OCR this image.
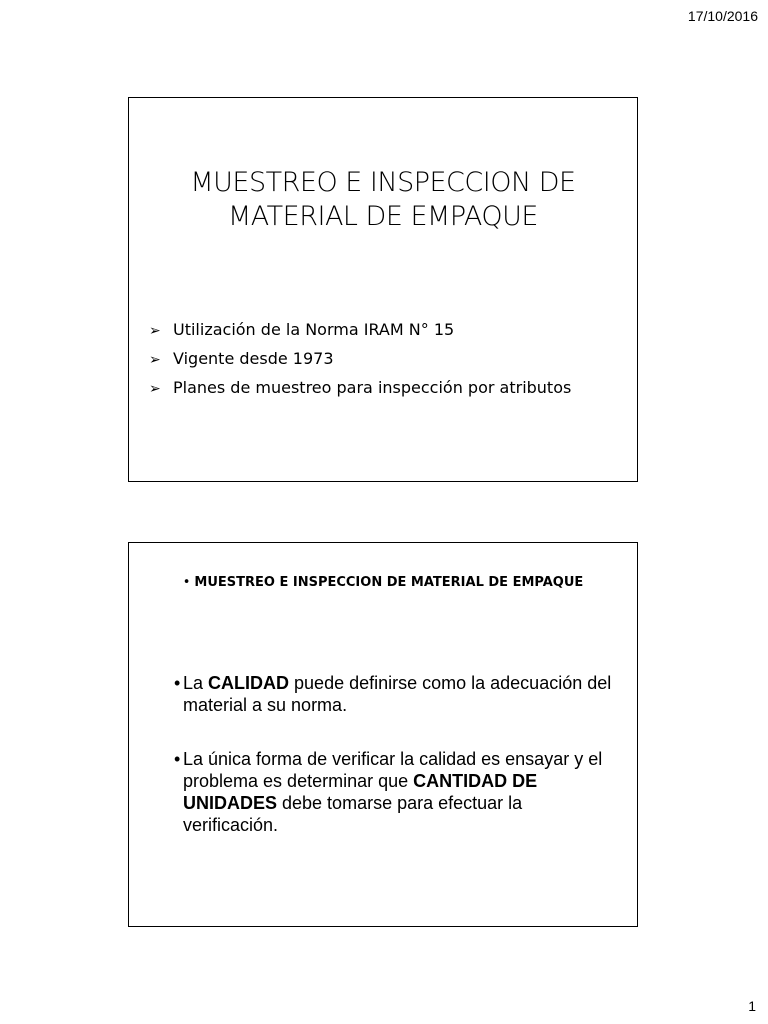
17/10/2016
MUESTREO E INSPECCION DE
MATERIAL DE EMPAQUE
➢ Utilización de la Norma IRAM N° 15
➢ Vigente desde 1973
➢ Planes de muestreo para inspección por atributos
• MUESTREO E INSPECCION DE MATERIAL DE EMPAQUE
• La CALIDAD puede definirse como la adecuación del material a su norma.
• La única forma de verificar la calidad es ensayar y el problema es determinar que CANTIDAD DE UNIDADES debe tomarse para efectuar la verificación.
1
